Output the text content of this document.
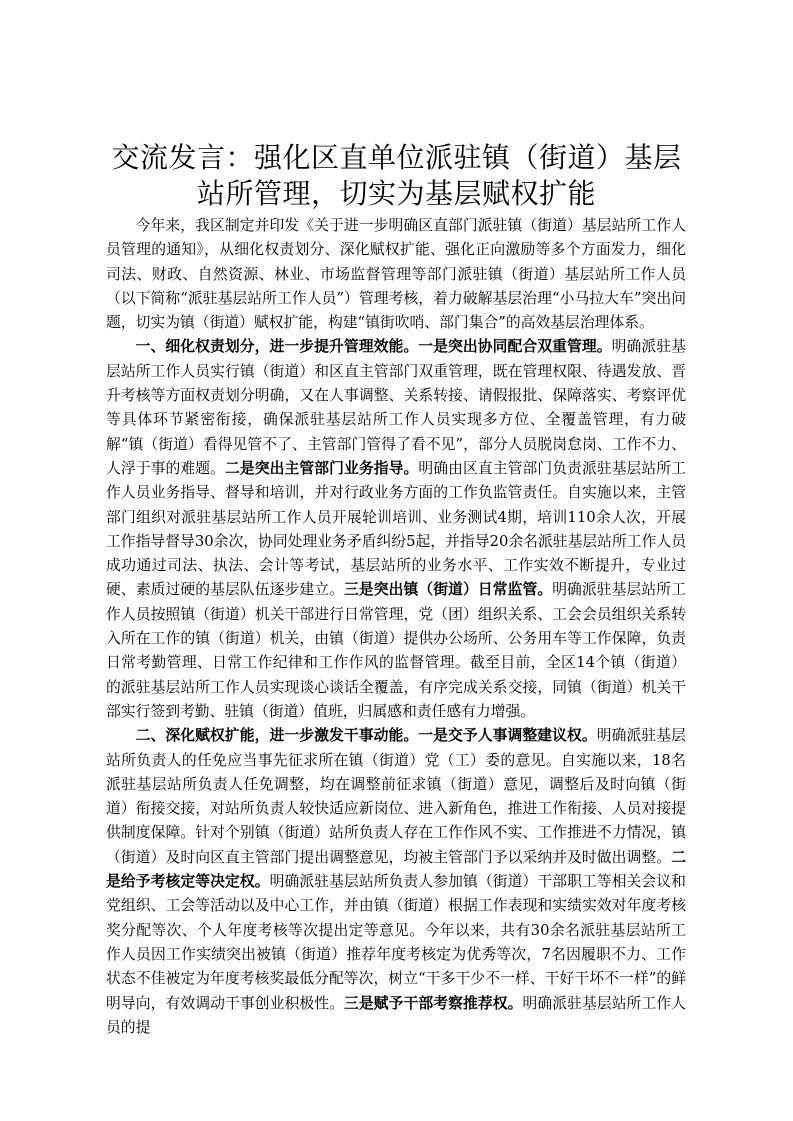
交流发言：强化区直单位派驻镇（街道）基层站所管理，切实为基层赋权扩能

今年来，我区制定并印发《关于进一步明确区直部门派驻镇（街道）基层站所工作人员管理的通知》，从细化权责划分、深化赋权扩能、强化正向激励等多个方面发力，细化司法、财政、自然资源、林业、市场监督管理等部门派驻镇（街道）基层站所工作人员（以下简称“派驻基层站所工作人员”）管理考核，着力破解基层治理“小马拉大车”突出问题，切实为镇（街道）赋权扩能，构建“镇街吹哨、部门集合”的高效基层治理体系。

一、细化权责划分，进一步提升管理效能。一是突出协同配合双重管理。明确派驻基层站所工作人员实行镇（街道）和区直主管部门双重管理，既在管理权限、待遇发放、晋升考核等方面权责划分明确，又在人事调整、关系转接、请假报批、保障落实、考察评优等具体环节紧密衔接，确保派驻基层站所工作人员实现多方位、全覆盖管理，有力破解“镇（街道）看得见管不了、主管部门管得了看不见”，部分人员脱岗怠岗、工作不力、人浮于事的难题。二是突出主管部门业务指导。明确由区直主管部门负责派驻基层站所工作人员业务指导、督导和培训，并对行政业务方面的工作负监管责任。自实施以来，主管部门组织对派驻基层站所工作人员开展轮训培训、业务测试4期，培训110余人次，开展工作指导督导30余次，协同处理业务矛盾纠纷5起，并指导20余名派驻基层站所工作人员成功通过司法、执法、会计等考试，基层站所的业务水平、工作实效不断提升，专业过硬、素质过硬的基层队伍逐步建立。三是突出镇（街道）日常监管。明确派驻基层站所工作人员按照镇（街道）机关干部进行日常管理，党（团）组织关系、工会会员组织关系转入所在工作的镇（街道）机关，由镇（街道）提供办公场所、公务用车等工作保障，负责日常考勤管理、日常工作纪律和工作作风的监督管理。截至目前，全区14个镇（街道）的派驻基层站所工作人员实现谈心谈话全覆盖，有序完成关系交接，同镇（街道）机关干部实行签到考勤、驻镇（街道）值班，归属感和责任感有力增强。

二、深化赋权扩能，进一步激发干事动能。一是交予人事调整建议权。明确派驻基层站所负责人的任免应当事先征求所在镇（街道）党（工）委的意见。自实施以来，18名派驻基层站所负责人任免调整，均在调整前征求镇（街道）意见，调整后及时向镇（街道）衔接交接，对站所负责人较快适应新岗位、进入新角色，推进工作衔接、人员对接提供制度保障。针对个别镇（街道）站所负责人存在工作作风不实、工作推进不力情况，镇（街道）及时向区直主管部门提出调整意见，均被主管部门予以采纳并及时做出调整。二是给予考核定等决定权。明确派驻基层站所负责人参加镇（街道）干部职工等相关会议和党组织、工会等活动以及中心工作，并由镇（街道）根据工作表现和实绩实效对年度考核奖分配等次、个人年度考核等次提出定等意见。今年以来，共有30余名派驻基层站所工作人员因工作实绩突出被镇（街道）推荐年度考核定为优秀等次，7名因履职不力、工作状态不佳被定为年度考核奖最低分配等次，树立“干多干少不一样、干好干坏不一样”的鲜明导向，有效调动干事创业积极性。三是赋予干部考察推荐权。明确派驻基层站所工作人员的提
